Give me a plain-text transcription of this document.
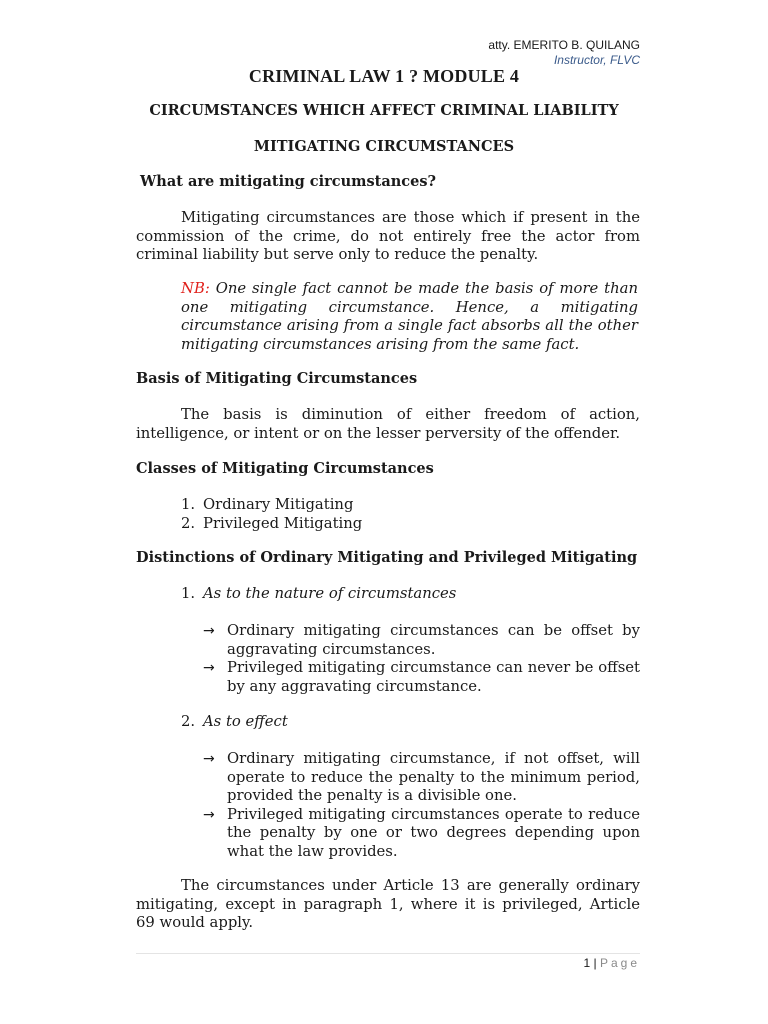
atty. EMERITO B. QUILANG
Instructor, FLVC
CRIMINAL LAW 1 ? MODULE 4
CIRCUMSTANCES WHICH AFFECT CRIMINAL LIABILITY
MITIGATING CIRCUMSTANCES
What are mitigating circumstances?
Mitigating circumstances are those which if present in the commission of the crime, do not entirely free the actor from criminal liability but serve only to reduce the penalty.
NB: One single fact cannot be made the basis of more than one mitigating circumstance. Hence, a mitigating circumstance arising from a single fact absorbs all the other mitigating circumstances arising from the same fact.
Basis of Mitigating Circumstances
The basis is diminution of either freedom of action, intelligence, or intent or on the lesser perversity of the offender.
Classes of Mitigating Circumstances
1. Ordinary Mitigating
2. Privileged Mitigating
Distinctions of Ordinary Mitigating and Privileged Mitigating
1. As to the nature of circumstances
→ Ordinary mitigating circumstances can be offset by aggravating circumstances.
→ Privileged mitigating circumstance can never be offset by any aggravating circumstance.
2. As to effect
→ Ordinary mitigating circumstance, if not offset, will operate to reduce the penalty to the minimum period, provided the penalty is a divisible one.
→ Privileged mitigating circumstances operate to reduce the penalty by one or two degrees depending upon what the law provides.
The circumstances under Article 13 are generally ordinary mitigating, except in paragraph 1, where it is privileged, Article 69 would apply.
1 | Page
